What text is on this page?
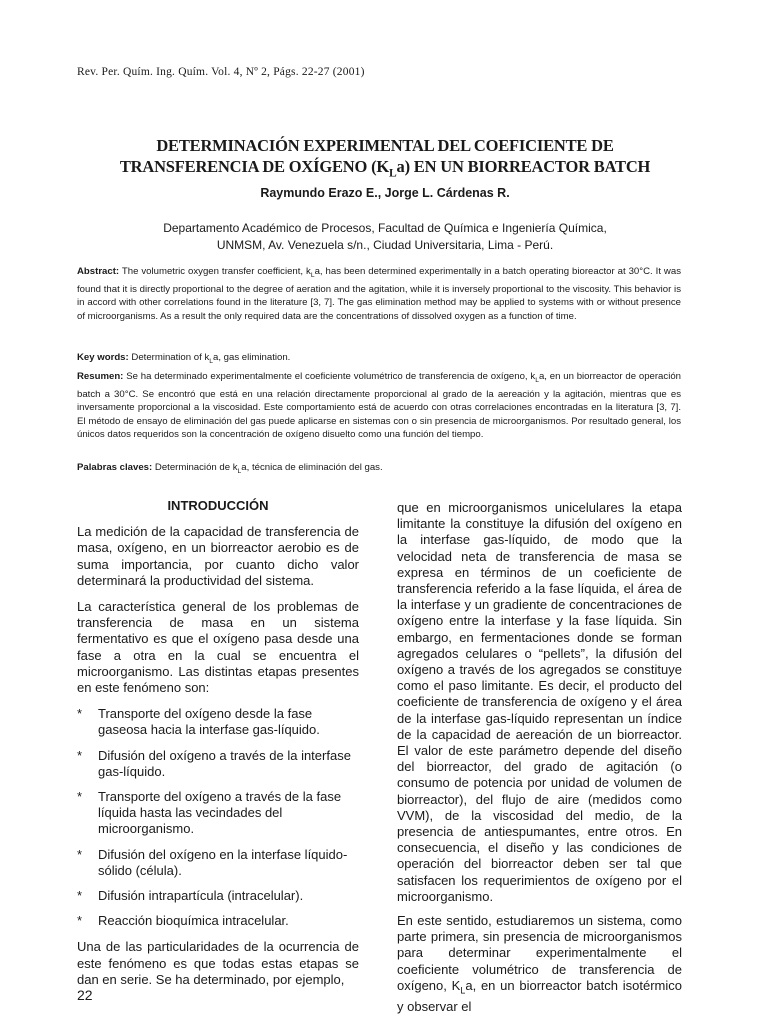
Rev. Per. Quím. Ing. Quím. Vol. 4, Nº 2, Págs. 22-27 (2001)
DETERMINACIÓN EXPERIMENTAL DEL COEFICIENTE DE
TRANSFERENCIA DE OXÍGENO $(K_La)$ EN UN BIORREACTOR BATCH
Raymundo Erazo E., Jorge L. Cárdenas R.
Departamento Académico de Procesos, Facultad de Química e Ingeniería Química,
UNMSM, Av. Venezuela s/n., Ciudad Universitaria, Lima - Perú.
Abstract: The volumetric oxygen transfer coefficient, $k_La$, has been determined experimentally in a batch operating bioreactor at 30°C. It was found that it is directly proportional to the degree of aeration and the agitation, while it is inversely proportional to the viscosity. This behavior is in accord with other correlations found in the literature [3, 7]. The gas elimination method may be applied to systems with or without presence of microorganisms. As a result the only required data are the concentrations of dissolved oxygen as a function of time.
Key words: Determination of $k_La$, gas elimination.
Resumen: Se ha determinado experimentalmente el coeficiente volumétrico de transferencia de oxígeno, $k_La$, en un biorreactor de operación batch a 30°C. Se encontró que está en una relación directamente proporcional al grado de la aereación y la agitación, mientras que es inversamente proporcional a la viscosidad. Este comportamiento está de acuerdo con otras correlaciones encontradas en la literatura [3, 7]. El método de ensayo de eliminación del gas puede aplicarse en sistemas con o sin presencia de microorganismos. Por resultado general, los únicos datos requeridos son la concentración de oxígeno disuelto como una función del tiempo.
Palabras claves: Determinación de $k_La$, técnica de eliminación del gas.
INTRODUCCIÓN

La medición de la capacidad de transferencia de masa, oxígeno, en un biorreactor aerobio es de suma importancia, por cuanto dicho valor determinará la productividad del sistema.

La característica general de los problemas de transferencia de masa en un sistema fermentativo es que el oxígeno pasa desde una fase a otra en la cual se encuentra el microorganismo. Las distintas etapas presentes en este fenómeno son:

* Transporte del oxígeno desde la fase gaseosa hacia la interfase gas-líquido.
* Difusión del oxígeno a través de la interfase gas-líquido.
* Transporte del oxígeno a través de la fase líquida hasta las vecindades del microorganismo.
* Difusión del oxígeno en la interfase líquido-sólido (célula).
* Difusión intrapartícula (intracelular).
* Reacción bioquímica intracelular.

Una de las particularidades de la ocurrencia de este fenómeno es que todas estas etapas se dan en serie. Se ha determinado, por ejemplo,

que en microorganismos unicelulares la etapa limitante la constituye la difusión del oxígeno en la interfase gas-líquido, de modo que la velocidad neta de transferencia de masa se expresa en términos de un coeficiente de transferencia referido a la fase líquida, el área de la interfase y un gradiente de concentraciones de oxígeno entre la interfase y la fase líquida. Sin embargo, en fermentaciones donde se forman agregados celulares o “pellets”, la difusión del oxígeno a través de los agregados se constituye como el paso limitante. Es decir, el producto del coeficiente de transferencia de oxígeno y el área de la interfase gas-líquido representan un índice de la capacidad de aereación de un biorreactor. El valor de este parámetro depende del diseño del biorreactor, del grado de agitación (o consumo de potencia por unidad de volumen de biorreactor), del flujo de aire (medidos como VVM), de la viscosidad del medio, de la presencia de antiespumantes, entre otros. En consecuencia, el diseño y las condiciones de operación del biorreactor deben ser tal que satisfacen los requerimientos de oxígeno por el microorganismo.

En este sentido, estudiaremos un sistema, como parte primera, sin presencia de microorganismos para determinar experimentalmente el coeficiente volumétrico de transferencia de oxígeno, $K_La$, en un biorreactor batch isotérmico y observar el

22
